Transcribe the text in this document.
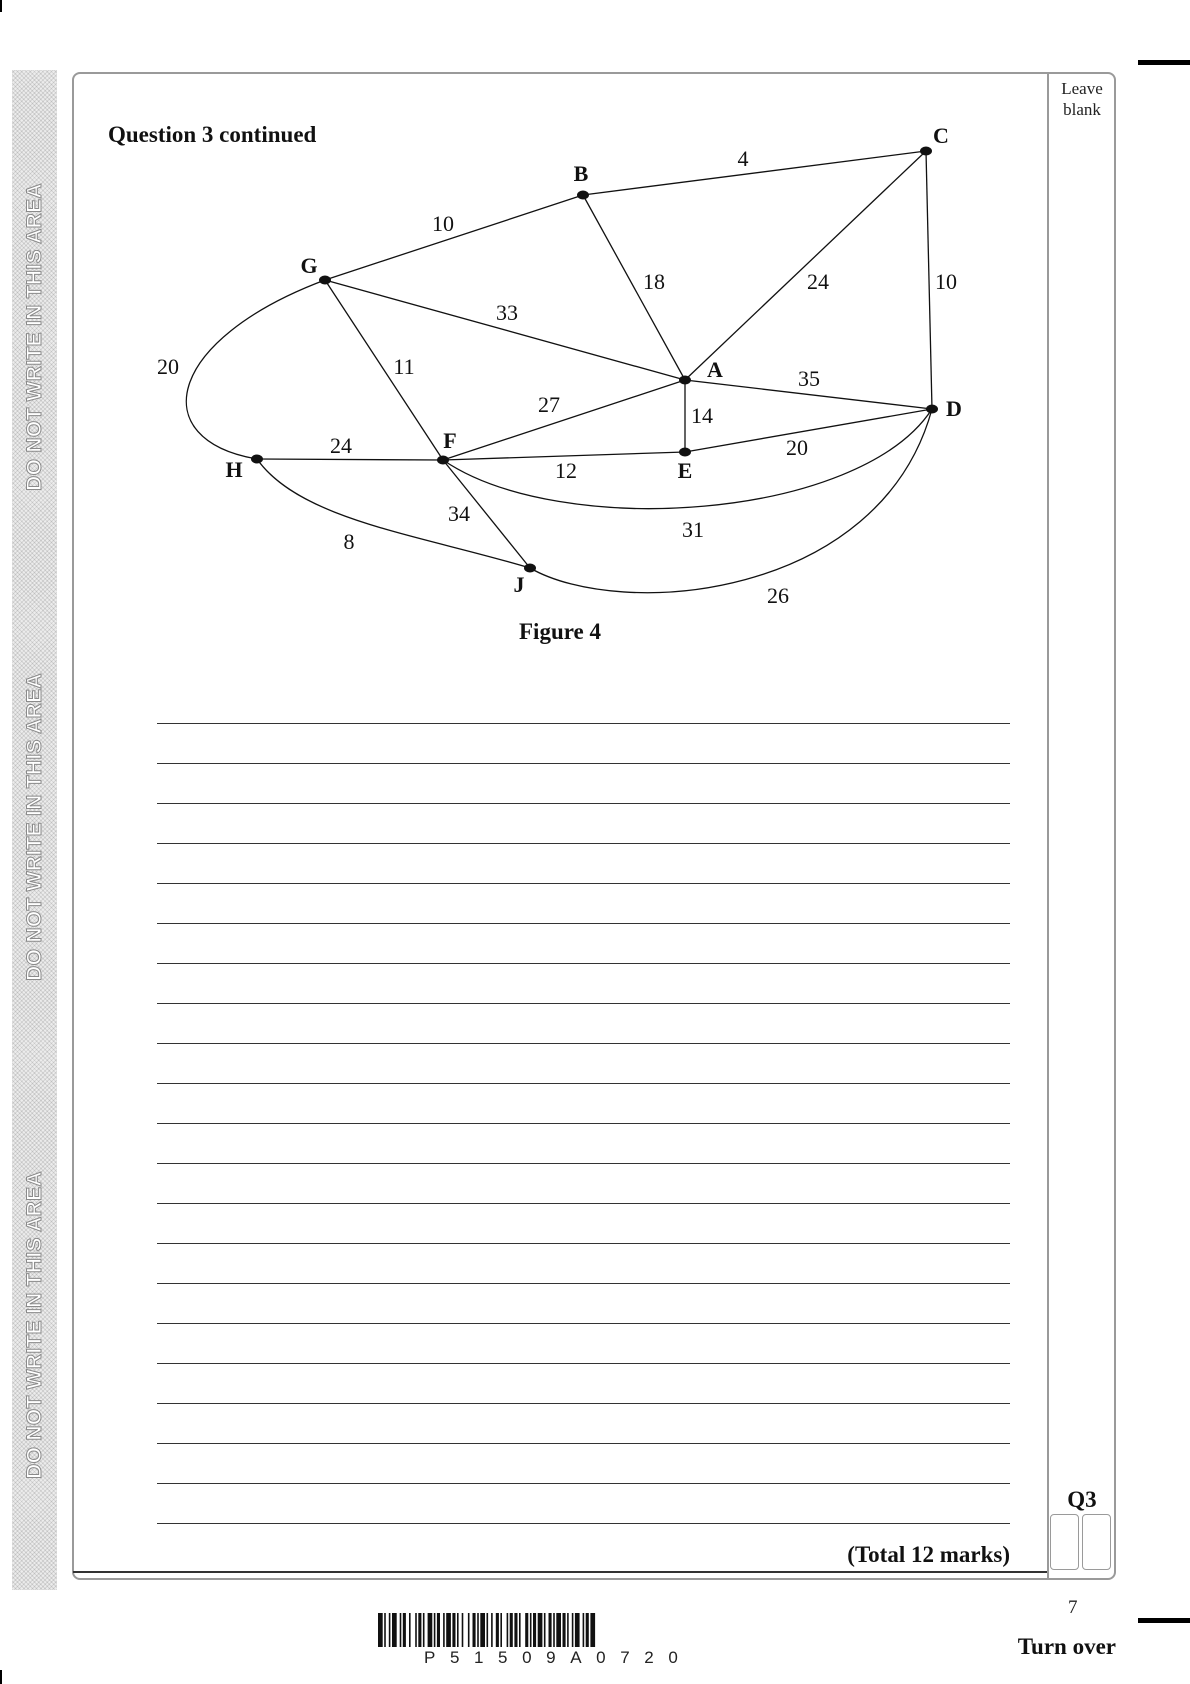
DO NOT WRITE IN THIS AREA
DO NOT WRITE IN THIS AREA
DO NOT WRITE IN THIS AREA
Leave blank
Question 3 continued
A
B
C
D
E
F
G
H
J
4
10
18	24	10
33
11
20	35
27	14
24
12
20
34
31
8
26
Figure 4
(Total 12 marks)
Q3
7
Turn over
P51509A0720
